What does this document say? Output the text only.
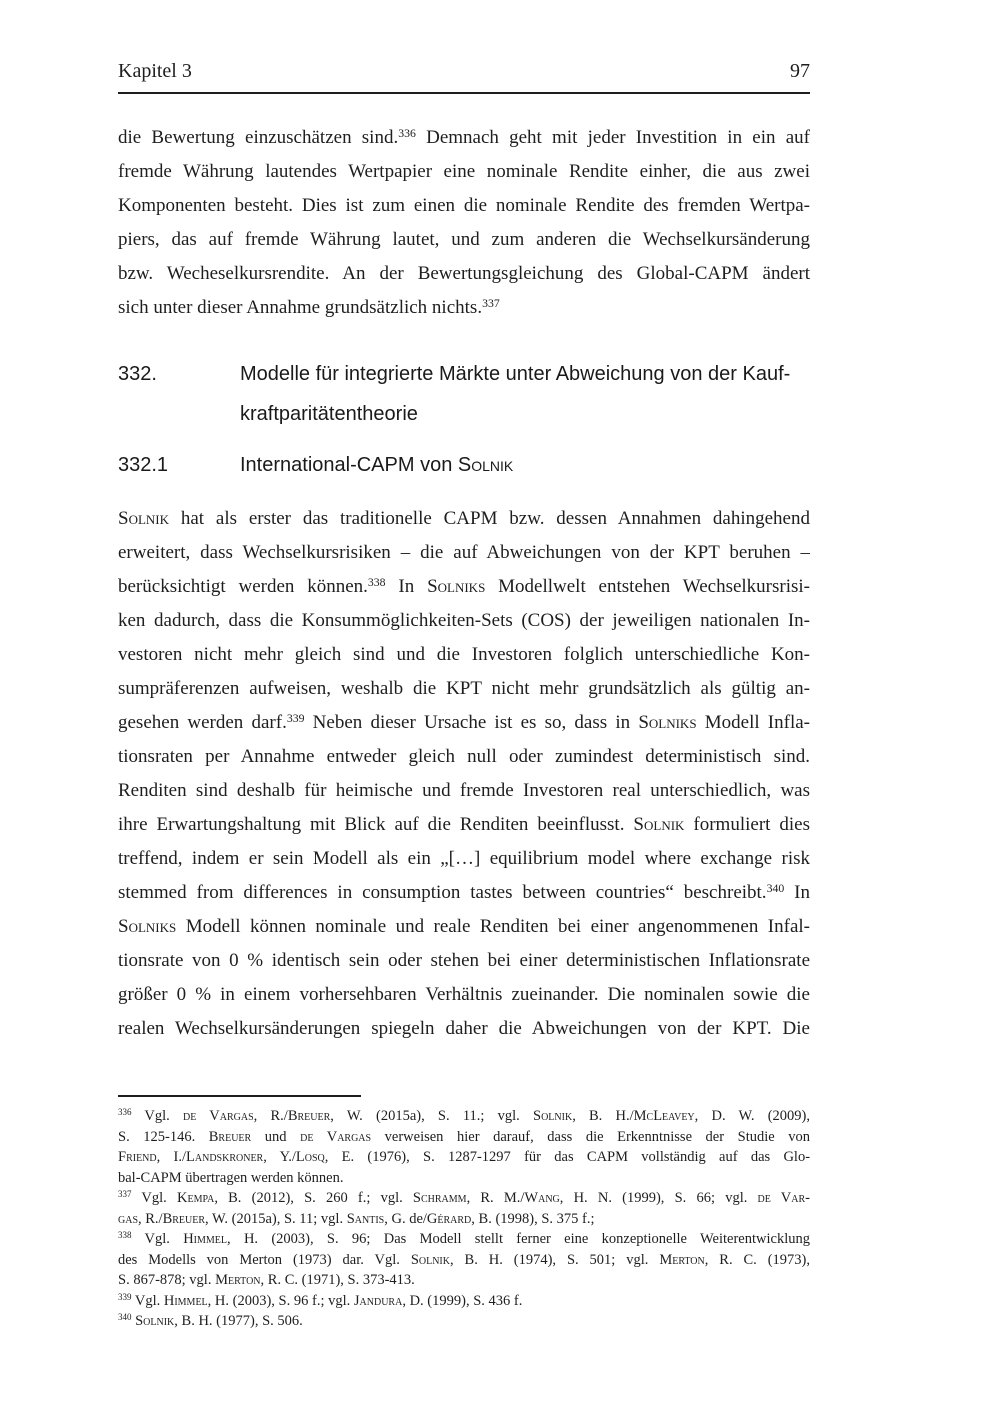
Kapitel 3	97
die Bewertung einzuschätzen sind.$^{336}$ Demnach geht mit jeder Investition in ein auf
fremde Währung lautendes Wertpapier eine nominale Rendite einher, die aus zwei
Komponenten besteht. Dies ist zum einen die nominale Rendite des fremden Wertpa-
piers, das auf fremde Währung lautet, und zum anderen die Wechselkursänderung
bzw. Wecheselkursrendite. An der Bewertungsgleichung des Global-CAPM ändert
sich unter dieser Annahme grundsätzlich nichts.$^{337}$
332.	Modelle für integrierte Märkte unter Abweichung von der Kauf-
kraftparitätentheorie
332.1	International-CAPM von Solnik
Solnik hat als erster das traditionelle CAPM bzw. dessen Annahmen dahingehend
erweitert, dass Wechselkursrisiken – die auf Abweichungen von der KPT beruhen –
berücksichtigt werden können.$^{338}$ In Solniks Modellwelt entstehen Wechselkursrisi-
ken dadurch, dass die Konsummöglichkeiten-Sets (COS) der jeweiligen nationalen In-
vestoren nicht mehr gleich sind und die Investoren folglich unterschiedliche Kon-
sumpräferenzen aufweisen, weshalb die KPT nicht mehr grundsätzlich als gültig an-
gesehen werden darf.$^{339}$ Neben dieser Ursache ist es so, dass in Solniks Modell Infla-
tionsraten per Annahme entweder gleich null oder zumindest deterministisch sind.
Renditen sind deshalb für heimische und fremde Investoren real unterschiedlich, was
ihre Erwartungshaltung mit Blick auf die Renditen beeinflusst. Solnik formuliert dies
treffend, indem er sein Modell als ein „[…] equilibrium model where exchange risk
stemmed from differences in consumption tastes between countries“ beschreibt.$^{340}$ In
Solniks Modell können nominale und reale Renditen bei einer angenommenen Infal-
tionsrate von 0 % identisch sein oder stehen bei einer deterministischen Inflationsrate
größer 0 % in einem vorhersehbaren Verhältnis zueinander. Die nominalen sowie die
realen Wechselkursänderungen spiegeln daher die Abweichungen von der KPT. Die
$^{336}$ Vgl. de Vargas, R./Breuer, W. (2015a), S. 11.; vgl. Solnik, B. H./McLeavey, D. W. (2009),
S. 125-146. Breuer und de Vargas verweisen hier darauf, dass die Erkenntnisse der Studie von
Friend, I./Landskroner, Y./Losq, E. (1976), S. 1287-1297 für das CAPM vollständig auf das Glo-
bal-CAPM übertragen werden können.
$^{337}$ Vgl. Kempa, B. (2012), S. 260 f.; vgl. Schramm, R. M./Wang, H. N. (1999), S. 66; vgl. de Var-
gas, R./Breuer, W. (2015a), S. 11; vgl. Santis, G. de/Gérard, B. (1998), S. 375 f.;
$^{338}$ Vgl. Himmel, H. (2003), S. 96; Das Modell stellt ferner eine konzeptionelle Weiterentwicklung
des Modells von Merton (1973) dar. Vgl. Solnik, B. H. (1974), S. 501; vgl. Merton, R. C. (1973),
S. 867-878; vgl. Merton, R. C. (1971), S. 373-413.
$^{339}$ Vgl. Himmel, H. (2003), S. 96 f.; vgl. Jandura, D. (1999), S. 436 f.
$^{340}$ Solnik, B. H. (1977), S. 506.
